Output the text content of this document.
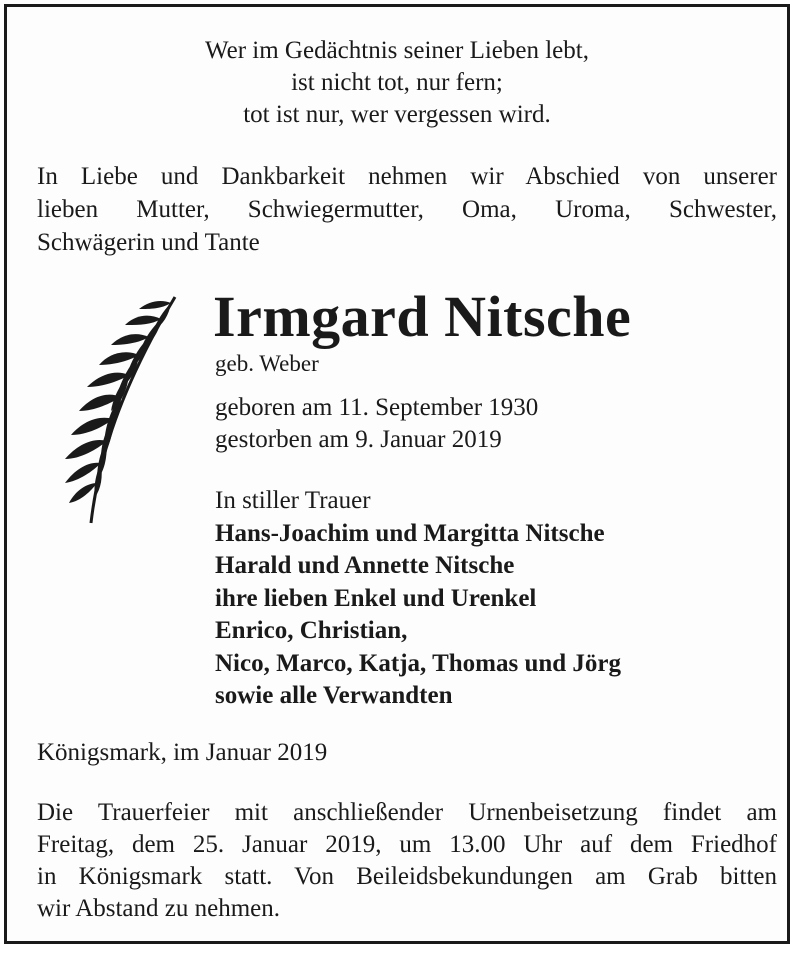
Wer im Gedächtnis seiner Lieben lebt,
ist nicht tot, nur fern;
tot ist nur, wer vergessen wird.
In Liebe und Dankbarkeit nehmen wir Abschied von unserer
lieben Mutter, Schwiegermutter, Oma, Uroma, Schwester,
Schwägerin und Tante
Irmgard Nitsche
geb. Weber
geboren am 11. September 1930
gestorben am 9. Januar 2019
In stiller Trauer
Hans-Joachim und Margitta Nitsche
Harald und Annette Nitsche
ihre lieben Enkel und Urenkel
Enrico, Christian,
Nico, Marco, Katja, Thomas und Jörg
sowie alle Verwandten
Königsmark, im Januar 2019
Die Trauerfeier mit anschließender Urnenbeisetzung findet am
Freitag, dem 25. Januar 2019, um 13.00 Uhr auf dem Friedhof
in Königsmark statt. Von Beileidsbekundungen am Grab bitten
wir Abstand zu nehmen.
